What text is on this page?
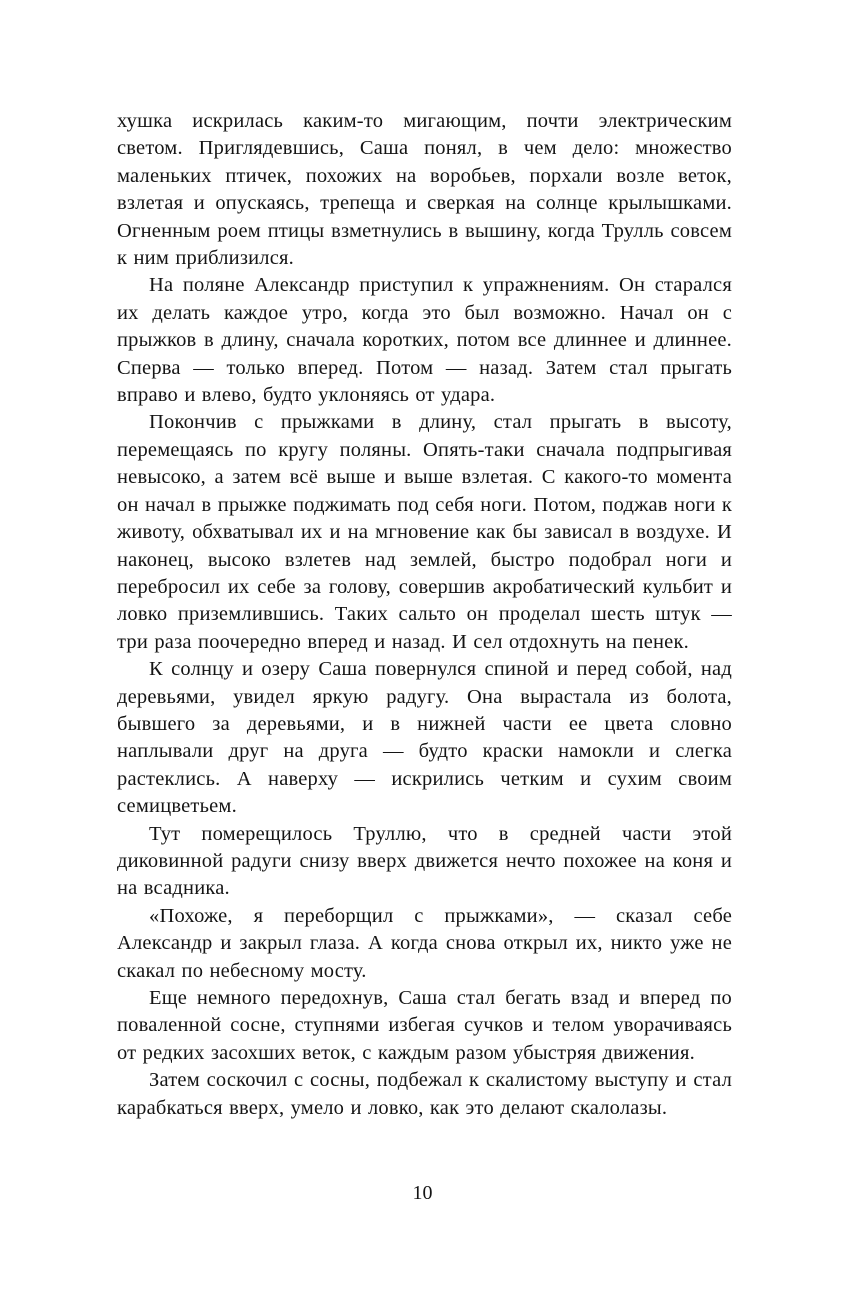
хушка искрилась каким-то мигающим, почти электрическим светом. Приглядевшись, Саша понял, в чем дело: множество маленьких птичек, похожих на воробьев, порхали возле веток, взлетая и опускаясь, трепеща и сверкая на солнце крылышками. Огненным роем птицы взметнулись в вышину, когда Трулль совсем к ним приблизился.

На поляне Александр приступил к упражнениям. Он старался их делать каждое утро, когда это был возможно. Начал он с прыжков в длину, сначала коротких, потом все длиннее и длиннее. Сперва — только вперед. Потом — назад. Затем стал прыгать вправо и влево, будто уклоняясь от удара.

Покончив с прыжками в длину, стал прыгать в высоту, перемещаясь по кругу поляны. Опять-таки сначала подпрыгивая невысоко, а затем всё выше и выше взлетая. С какого-то момента он начал в прыжке поджимать под себя ноги. Потом, поджав ноги к животу, обхватывал их и на мгновение как бы зависал в воздухе. И наконец, высоко взлетев над землей, быстро подобрал ноги и перебросил их себе за голову, совершив акробатический кульбит и ловко приземлившись. Таких сальто он проделал шесть штук — три раза поочередно вперед и назад. И сел отдохнуть на пенек.

К солнцу и озеру Саша повернулся спиной и перед собой, над деревьями, увидел яркую радугу. Она вырастала из болота, бывшего за деревьями, и в нижней части ее цвета словно наплывали друг на друга — будто краски намокли и слегка растеклись. А наверху — искрились четким и сухим своим семицветьем.

Тут померещилось Труллю, что в средней части этой диковинной радуги снизу вверх движется нечто похожее на коня и на всадника.

«Похоже, я переборщил с прыжками», — сказал себе Александр и закрыл глаза. А когда снова открыл их, никто уже не скакал по небесному мосту.

Еще немного передохнув, Саша стал бегать взад и вперед по поваленной сосне, ступнями избегая сучков и телом уворачиваясь от редких засохших веток, с каждым разом убыстряя движения.

Затем соскочил с сосны, подбежал к скалистому выступу и стал карабкаться вверх, умело и ловко, как это делают скалолазы.

10
